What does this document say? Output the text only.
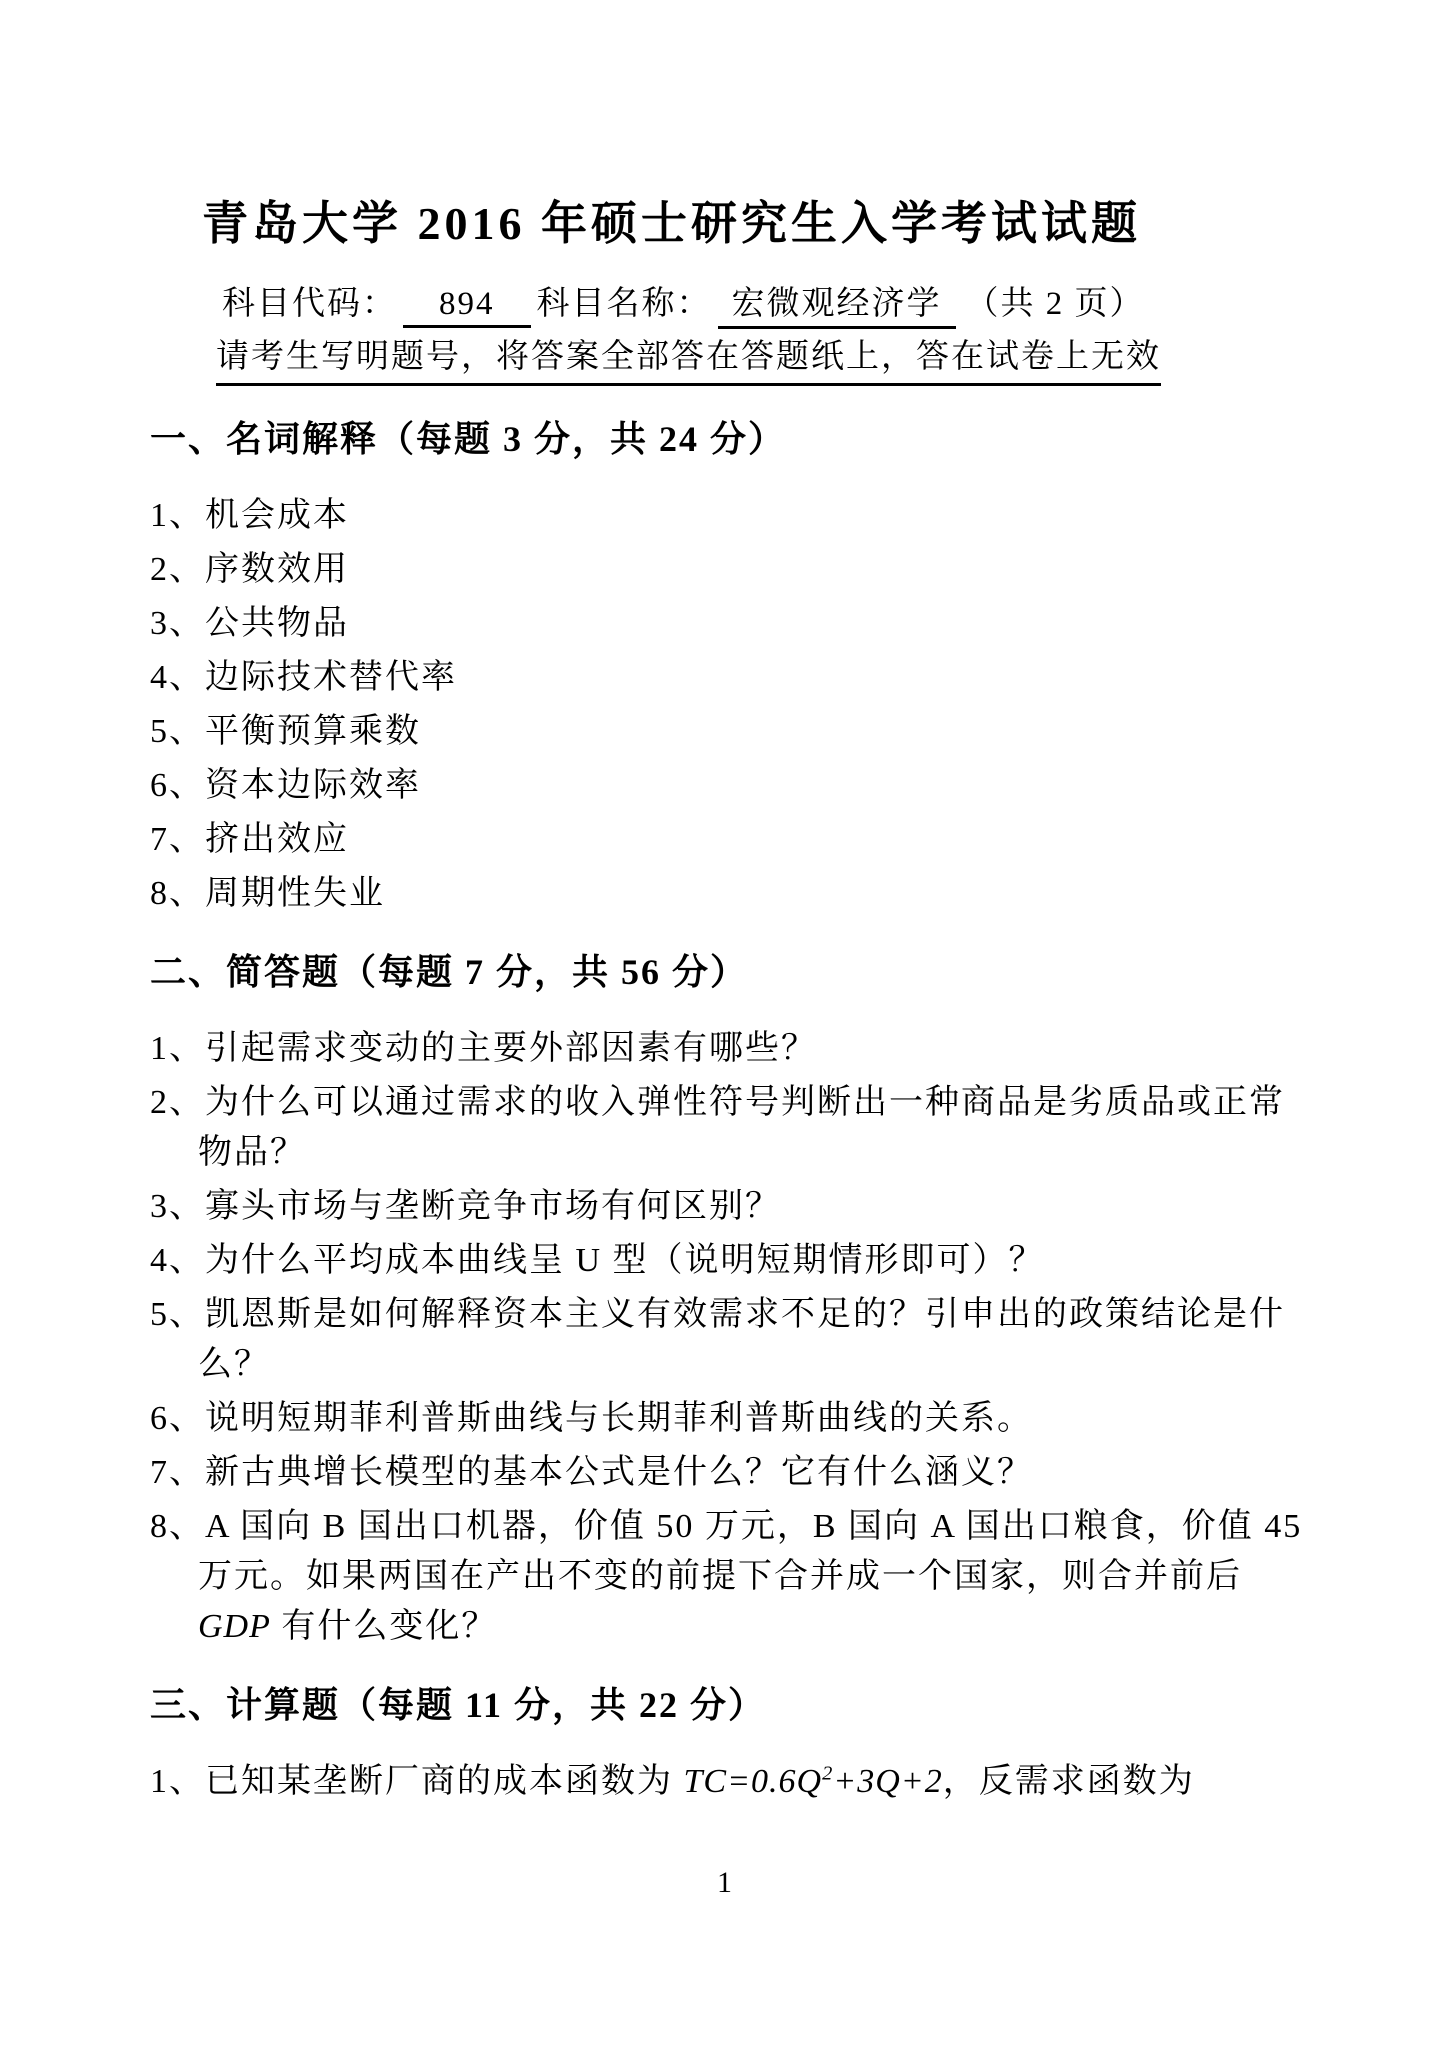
青岛大学 2016 年硕士研究生入学考试试题
科目代码： 894 科目名称： 宏微观经济学 （共 2 页）
请考生写明题号，将答案全部答在答题纸上，答在试卷上无效
一、名词解释（每题 3 分，共 24 分）
1、机会成本
2、序数效用
3、公共物品
4、边际技术替代率
5、平衡预算乘数
6、资本边际效率
7、挤出效应
8、周期性失业
二、简答题（每题 7 分，共 56 分）
1、引起需求变动的主要外部因素有哪些？
2、为什么可以通过需求的收入弹性符号判断出一种商品是劣质品或正常
物品？
3、寡头市场与垄断竞争市场有何区别？
4、为什么平均成本曲线呈 U 型（说明短期情形即可）？
5、凯恩斯是如何解释资本主义有效需求不足的？引申出的政策结论是什
么？
6、说明短期菲利普斯曲线与长期菲利普斯曲线的关系。
7、新古典增长模型的基本公式是什么？它有什么涵义？
8、A 国向 B 国出口机器，价值 50 万元，B 国向 A 国出口粮食，价值 45
万元。如果两国在产出不变的前提下合并成一个国家，则合并前后
GDP 有什么变化？
三、计算题（每题 11 分，共 22 分）
1、已知某垄断厂商的成本函数为 $TC=0.6Q^2+3Q+2$，反需求函数为
1
